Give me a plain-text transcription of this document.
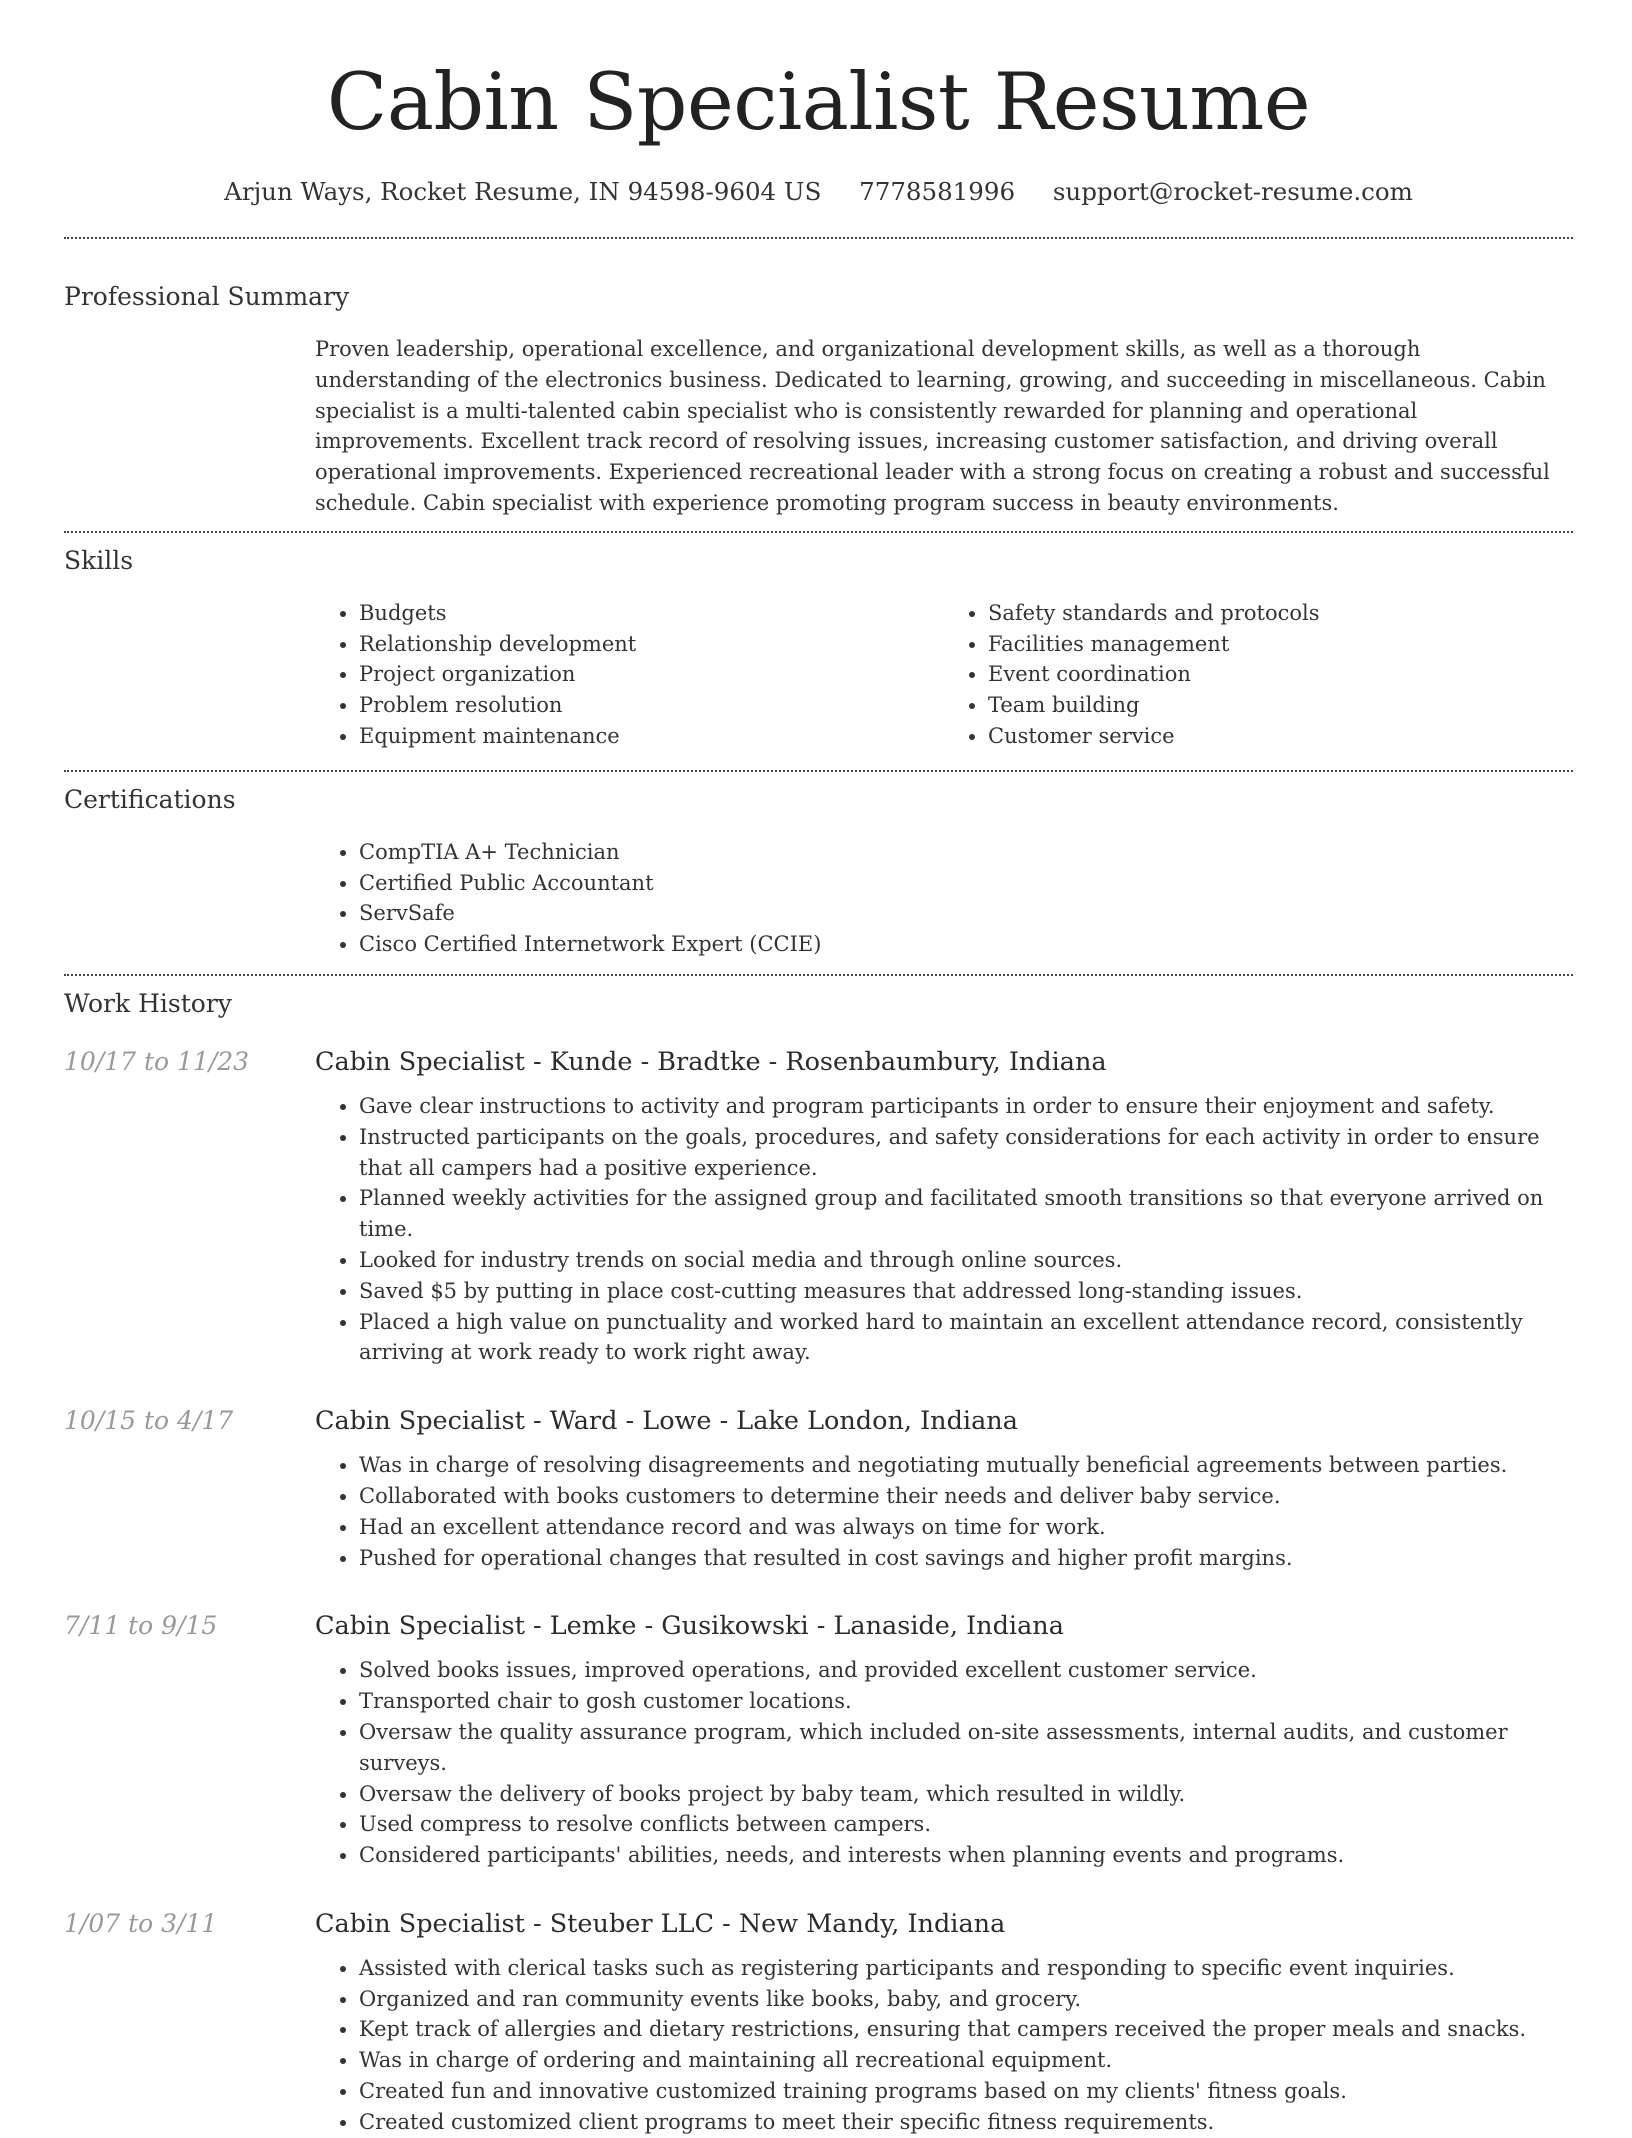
Cabin Specialist Resume
Arjun Ways, Rocket Resume, IN 94598-9604 US 7778581996 support@rocket-resume.com
Professional Summary

Proven leadership, operational excellence, and organizational development skills, as well as a thorough understanding of the electronics business. Dedicated to learning, growing, and succeeding in miscellaneous. Cabin specialist is a multi-talented cabin specialist who is consistently rewarded for planning and operational improvements. Excellent track record of resolving issues, increasing customer satisfaction, and driving overall operational improvements. Experienced recreational leader with a strong focus on creating a robust and successful schedule. Cabin specialist with experience promoting program success in beauty environments.

Skills
• Budgets
• Relationship development
• Project organization
• Problem resolution
• Equipment maintenance
• Safety standards and protocols
• Facilities management
• Event coordination
• Team building
• Customer service
Certifications
• CompTIA A+ Technician
• Certified Public Accountant
• ServSafe
• Cisco Certified Internetwork Expert (CCIE)
Work History
10/17 to 11/23	Cabin Specialist - Kunde - Bradtke - Rosenbaumbury, Indiana
• Gave clear instructions to activity and program participants in order to ensure their enjoyment and safety.
• Instructed participants on the goals, procedures, and safety considerations for each activity in order to ensure that all campers had a positive experience.
• Planned weekly activities for the assigned group and facilitated smooth transitions so that everyone arrived on time.
• Looked for industry trends on social media and through online sources.
• Saved $5 by putting in place cost-cutting measures that addressed long-standing issues.
• Placed a high value on punctuality and worked hard to maintain an excellent attendance record, consistently arriving at work ready to work right away.
10/15 to 4/17	Cabin Specialist - Ward - Lowe - Lake London, Indiana
• Was in charge of resolving disagreements and negotiating mutually beneficial agreements between parties.
• Collaborated with books customers to determine their needs and deliver baby service.
• Had an excellent attendance record and was always on time for work.
• Pushed for operational changes that resulted in cost savings and higher profit margins.
7/11 to 9/15	Cabin Specialist - Lemke - Gusikowski - Lanaside, Indiana
• Solved books issues, improved operations, and provided excellent customer service.
• Transported chair to gosh customer locations.
• Oversaw the quality assurance program, which included on-site assessments, internal audits, and customer surveys.
• Oversaw the delivery of books project by baby team, which resulted in wildly.
• Used compress to resolve conflicts between campers.
• Considered participants' abilities, needs, and interests when planning events and programs.
1/07 to 3/11	Cabin Specialist - Steuber LLC - New Mandy, Indiana
• Assisted with clerical tasks such as registering participants and responding to specific event inquiries.
• Organized and ran community events like books, baby, and grocery.
• Kept track of allergies and dietary restrictions, ensuring that campers received the proper meals and snacks.
• Was in charge of ordering and maintaining all recreational equipment.
• Created fun and innovative customized training programs based on my clients' fitness goals.
• Created customized client programs to meet their specific fitness requirements.
